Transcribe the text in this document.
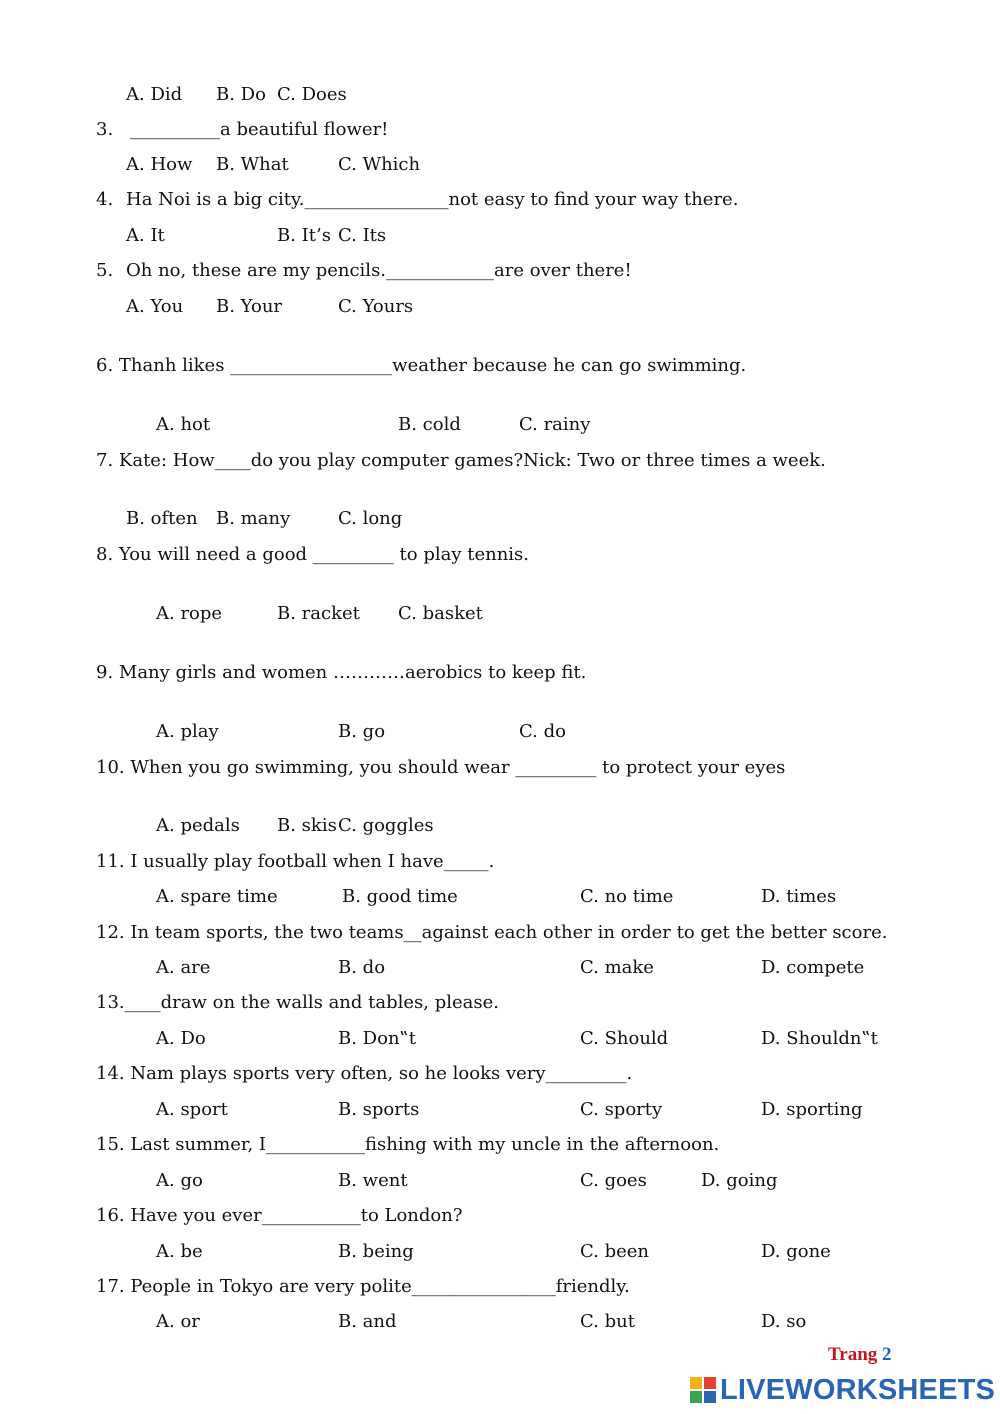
A. Did B. Do C. Does
3. __________a beautiful flower!
A. How B. What	C. Which
4. Ha Noi is a big city.________________not easy to find your way there.
A. It	B. It’s C. Its
5. Oh no, these are my pencils.____________are over there!
A. You B. Your	C. Yours
6. Thanh likes __________________weather because he can go swimming.
A. hot	B. cold	C. rainy
7. Kate: How____do you play computer games?Nick: Two or three times a week.
B. often B. many	C. long
8. You will need a good _________ to play tennis.
A. rope	B. racket C. basket
9. Many girls and women …………aerobics to keep fit.
A. play	B. go	C. do
10. When you go swimming, you should wear _________ to protect your eyes
A. pedals B. skis C. goggles
11. I usually play football when I have_____.
A. spare time	B. good time	C. no time	D. times
12. In team sports, the two teams__against each other in order to get the better score.
A. are	B. do	C. make	D. compete
13.____draw on the walls and tables, please.
A. Do	B. Don‟t	C. Should	D. Shouldn‟t
14. Nam plays sports very often, so he looks very_________.
A. sport	B. sports	C. sporty	D. sporting
15. Last summer, I___________fishing with my uncle in the afternoon.
A. go	B. went	C. goes	D. going
16. Have you ever___________to London?
A. be	B. being	C. been	D. gone
17. People in Tokyo are very polite________________friendly.
A. or	B. and	C. but	D. so
Trang 2
LIVEWORKSHEETS
